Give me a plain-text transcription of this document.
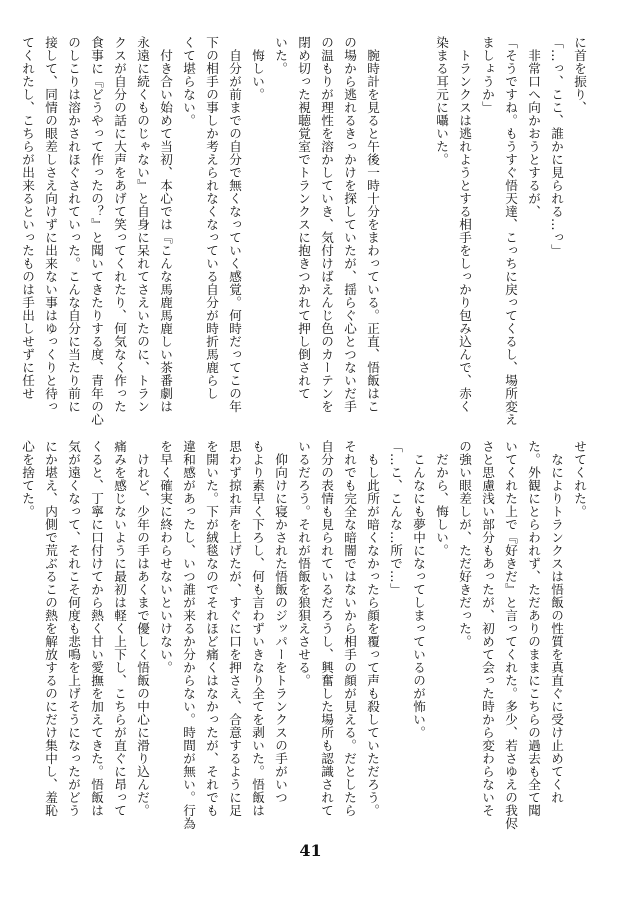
に首を振り、
「…っ、ここ、誰かに見られる…っ」
　非常口へ向かおうとするが、
「そうですね。もうすぐ悟天達、こっちに戻ってくるし、場所変え
ましょうか」
　トランクスは逃れようとする相手をしっかり包み込んで、赤く
染まる耳元に囁いた。

　腕時計を見ると午後一時十分をまわっている。正直、悟飯はこ
の場から逃れるきっかけを探していたが、揺らぐ心とつないだ手
の温もりが理性を溶かしていき、気付けばえんじ色のカーテンを
閉め切った視聴覚室でトランクスに抱きつかれて押し倒されて
いた。
　悔しい。
　自分が前までの自分で無くなっていく感覚。何時だってこの年
下の相手の事しか考えられなくなっている自分が時折馬鹿らし
くて堪らない。
　付き合い始めて当初、本心では『こんな馬鹿馬鹿しい茶番劇は
永遠に続くものじゃない』と自身に呆れてさえいたのに、トラン
クスが自分の話に大声をあげて笑ってくれたり、何気なく作った
食事に『どうやって作ったの？』と聞いてきたりする度、青年の心
のしこりは溶かされほぐされていった。こんな自分に当たり前に
接して、同情の眼差しさえ向けずに出来ない事はゆっくりと待っ
てくれたし、こちらが出来るといったものは手出しせずに任せ
せてくれた。
　なによりトランクスは悟飯の性質を真直ぐに受け止めてくれ
た。外観にとらわれず、ただありのままにこちらの過去も全て聞
いてくれた上で『好きだ』と言ってくれた。多少、若さゆえの我侭
さと思慮浅い部分もあったが、初めて会った時から変わらないそ
の強い眼差しが、ただ好きだった。
　だから、悔しい。
　こんなにも夢中になってしまっているのが怖い。
「…こ、こんな…所で…」
　もし此所が暗くなかったら顔を覆って声も殺していただろう。
それでも完全な暗闇ではないから相手の顔が見える。だとしたら
自分の表情も見られているだろうし、興奮した場所も認識されて
いるだろう。それが悟飯を狼狽えさせる。
　仰向けに寝かされた悟飯のジッパーをトランクスの手がいつ
もより素早く下ろし、何も言わずいきなり全てを剥いた。悟飯は
思わず掠れ声を上げたが、すぐに口を押さえ、合意するように足
を開いた。下が絨毯なのでそれほど痛くはなかったが、それでも
違和感があったし、いつ誰が来るか分からない。時間が無い。行為
を早く確実に終わらせないといけない。
　けれど、少年の手はあくまで優しく悟飯の中心に滑り込んだ。
痛みを感じないように最初は軽く上下し、こちらが直ぐに昂って
くると、丁寧に口付けてから熱く甘い愛撫を加えてきた。悟飯は
気が遠くなって、それこそ何度も悲鳴を上げそうになったがどう
にか堪え、内側で荒ぶるこの熱を解放するのにだけ集中し、羞恥
心を捨てた。
41
